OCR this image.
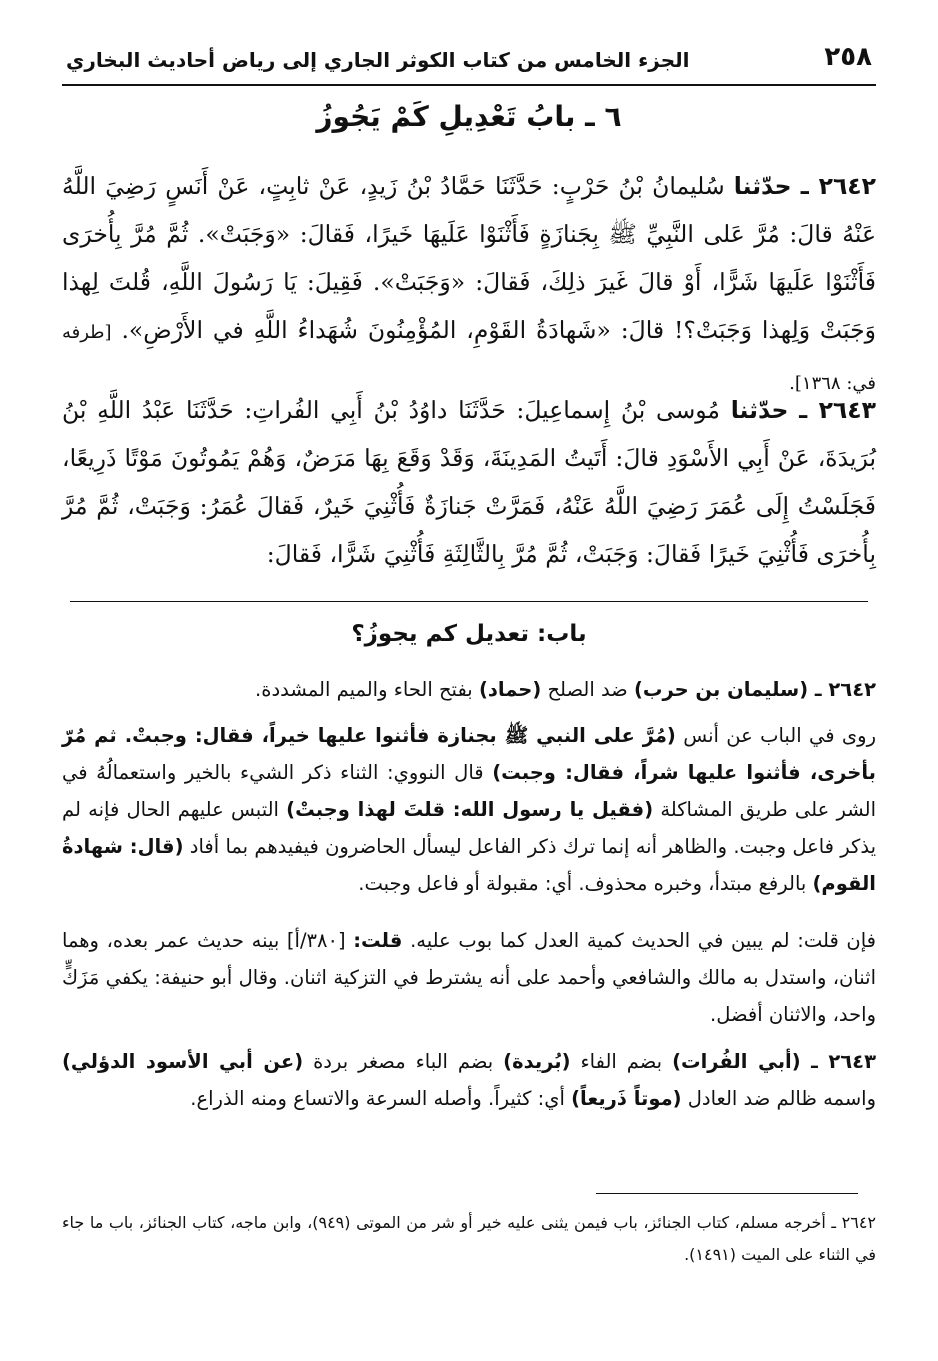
٢٥٨
الجزء الخامس من كتاب الكوثر الجاري إلى رياض أحاديث البخاري
٦ ـ بابُ تَعْدِيلِ كَمْ يَجُوزُ

٢٦٤٢ ـ حدّثنا سُليمانُ بْنُ حَرْبٍ: حَدَّثَنَا حَمَّادُ بْنُ زَيدٍ، عَنْ ثابِتٍ، عَنْ أَنَسٍ رَضِيَ اللَّهُ عَنْهُ قالَ: مُرَّ عَلى النَّبِيِّ ﷺ بِجَنازَةٍ فَأَثْنَوْا عَلَيهَا خَيرًا، فَقالَ: «وَجَبَتْ». ثُمَّ مُرَّ بِأُخرَى فَأَثْنَوْا عَلَيهَا شَرًّا، أَوْ قالَ غَيرَ ذلِكَ، فَقالَ: «وَجَبَتْ». فَقِيلَ: يَا رَسُولَ اللَّهِ، قُلتَ لِهذا وَجَبَتْ وَلِهذا وَجَبَتْ؟! قالَ: «شَهادَةُ القَوْمِ، المُؤْمِنُونَ شُهَداءُ اللَّهِ في الأَرْضِ». [طرفه في: ١٣٦٨].

٢٦٤٣ ـ حدّثنا مُوسى بْنُ إِسماعِيلَ: حَدَّثَنَا داوُدُ بْنُ أَبِي الفُراتِ: حَدَّثَنَا عَبْدُ اللَّهِ بْنُ بُرَيدَةَ، عَنْ أَبِي الأَسْوَدِ قالَ: أَتَيتُ المَدِينَةَ، وَقَدْ وَقَعَ بِهَا مَرَضٌ، وَهُمْ يَمُوتُونَ مَوْتًا ذَرِيعًا، فَجَلَسْتُ إِلَى عُمَرَ رَضِيَ اللَّهُ عَنْهُ، فَمَرَّتْ جَنازَةٌ فَأُثْنِيَ خَيرٌ، فَقالَ عُمَرُ: وَجَبَتْ، ثُمَّ مُرَّ بِأُخرَى فَأُثْنِيَ خَيرًا فَقالَ: وَجَبَتْ، ثُمَّ مُرَّ بِالثَّالِثَةِ فَأُثْنِيَ شَرًّا، فَقالَ:

باب: تعديل كم يجوزُ؟

٢٦٤٢ ـ (سليمان بن حرب) ضد الصلح (حماد) بفتح الحاء والميم المشددة.

روى في الباب عن أنس (مُرَّ على النبي ﷺ بجنازة فأثنوا عليها خيراً، فقال: وجبتْ. ثم مُرّ بأخرى، فأثنوا عليها شراً، فقال: وجبت) قال النووي: الثناء ذكر الشيء بالخير واستعمالُهُ في الشر على طريق المشاكلة (فقيل يا رسول الله: قلتَ لهذا وجبتْ) التبس عليهم الحال فإنه لم يذكر فاعل وجبت. والظاهر أنه إنما ترك ذكر الفاعل ليسأل الحاضرون فيفيدهم بما أفاد (قال: شهادةُ القوم) بالرفع مبتدأ، وخبره محذوف. أي: مقبولة أو فاعل وجبت.

فإن قلت: لم يبين في الحديث كمية العدل كما بوب عليه. قلت: [٣٨٠/أ] بينه حديث عمر بعده، وهما اثنان، واستدل به مالك والشافعي وأحمد على أنه يشترط في التزكية اثنان. وقال أبو حنيفة: يكفي مَزَكٍّ واحد، والاثنان أفضل.

٢٦٤٣ ـ (أبي الفُرات) بضم الفاء (بُريدة) بضم الباء مصغر بردة (عن أبي الأسود الدؤلي) واسمه ظالم ضد العادل (موتاً ذَريعاً) أي: كثيراً. وأصله السرعة والاتساع ومنه الذراع.

٢٦٤٢ ـ أخرجه مسلم، كتاب الجنائز، باب فيمن يثنى عليه خير أو شر من الموتى (٩٤٩)، وابن ماجه، كتاب الجنائز، باب ما جاء في الثناء على الميت (١٤٩١).
